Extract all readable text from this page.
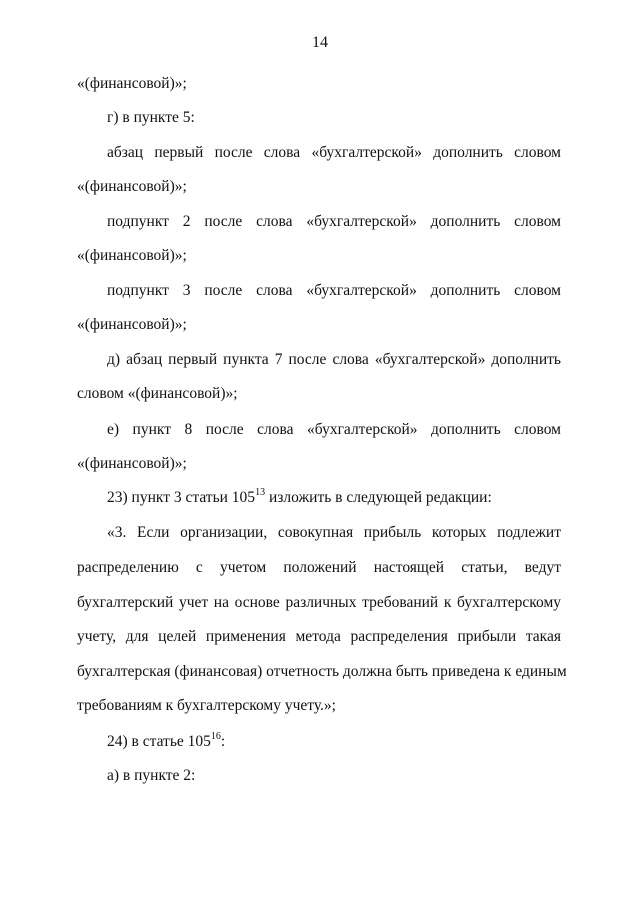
14
«(финансовой)»;
г) в пункте 5:
абзац первый после слова «бухгалтерской» дополнить словом
«(финансовой)»;
подпункт 2 после слова «бухгалтерской» дополнить словом
«(финансовой)»;
подпункт 3 после слова «бухгалтерской» дополнить словом
«(финансовой)»;
д) абзац первый пункта 7 после слова «бухгалтерской» дополнить
словом «(финансовой)»;
е) пункт 8 после слова «бухгалтерской» дополнить словом
«(финансовой)»;
23) пункт 3 статьи $105^{13}$ изложить в следующей редакции:
«3. Если организации, совокупная прибыль которых подлежит
распределению с учетом положений настоящей статьи, ведут
бухгалтерский учет на основе различных требований к бухгалтерскому
учету, для целей применения метода распределения прибыли такая
бухгалтерская (финансовая) отчетность должна быть приведена к единым
требованиям к бухгалтерскому учету.»;
24) в статье $105^{16}$:
а) в пункте 2:
